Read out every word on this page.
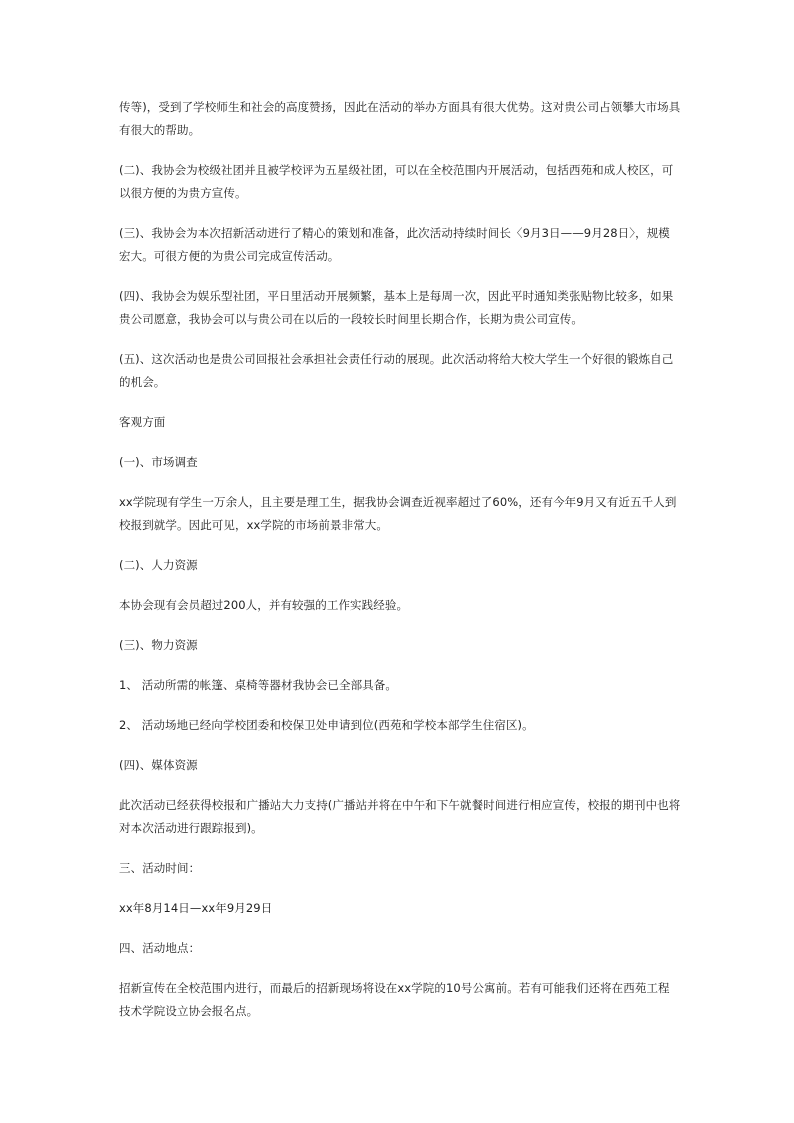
传等)，受到了学校师生和社会的高度赞扬，因此在活动的举办方面具有很大优势。这对贵公司占领攀大市场具有很大的帮助。

(二)、我协会为校级社团并且被学校评为五星级社团，可以在全校范围内开展活动，包括西苑和成人校区，可以很方便的为贵方宣传。

(三)、我协会为本次招新活动进行了精心的策划和准备，此次活动持续时间长〈9月3日——9月28日〉，规模宏大。可很方便的为贵公司完成宣传活动。

(四)、我协会为娱乐型社团，平日里活动开展频繁，基本上是每周一次，因此平时通知类张贴物比较多，如果贵公司愿意，我协会可以与贵公司在以后的一段较长时间里长期合作，长期为贵公司宣传。

(五)、这次活动也是贵公司回报社会承担社会责任行动的展现。此次活动将给大校大学生一个好很的锻炼自己的机会。

客观方面

(一)、市场调查

xx学院现有学生一万余人，且主要是理工生，据我协会调查近视率超过了60%，还有今年9月又有近五千人到校报到就学。因此可见，xx学院的市场前景非常大。

(二)、人力资源

本协会现有会员超过200人，并有较强的工作实践经验。

(三)、物力资源

1、 活动所需的帐篷、桌椅等器材我协会已全部具备。

2、 活动场地已经向学校团委和校保卫处申请到位(西苑和学校本部学生住宿区)。

(四)、媒体资源

此次活动已经获得校报和广播站大力支持(广播站并将在中午和下午就餐时间进行相应宣传，校报的期刊中也将对本次活动进行跟踪报到)。

三、活动时间：

xx年8月14日—xx年9月29日

四、活动地点：

招新宣传在全校范围内进行，而最后的招新现场将设在xx学院的10号公寓前。若有可能我们还将在西苑工程技术学院设立协会报名点。
